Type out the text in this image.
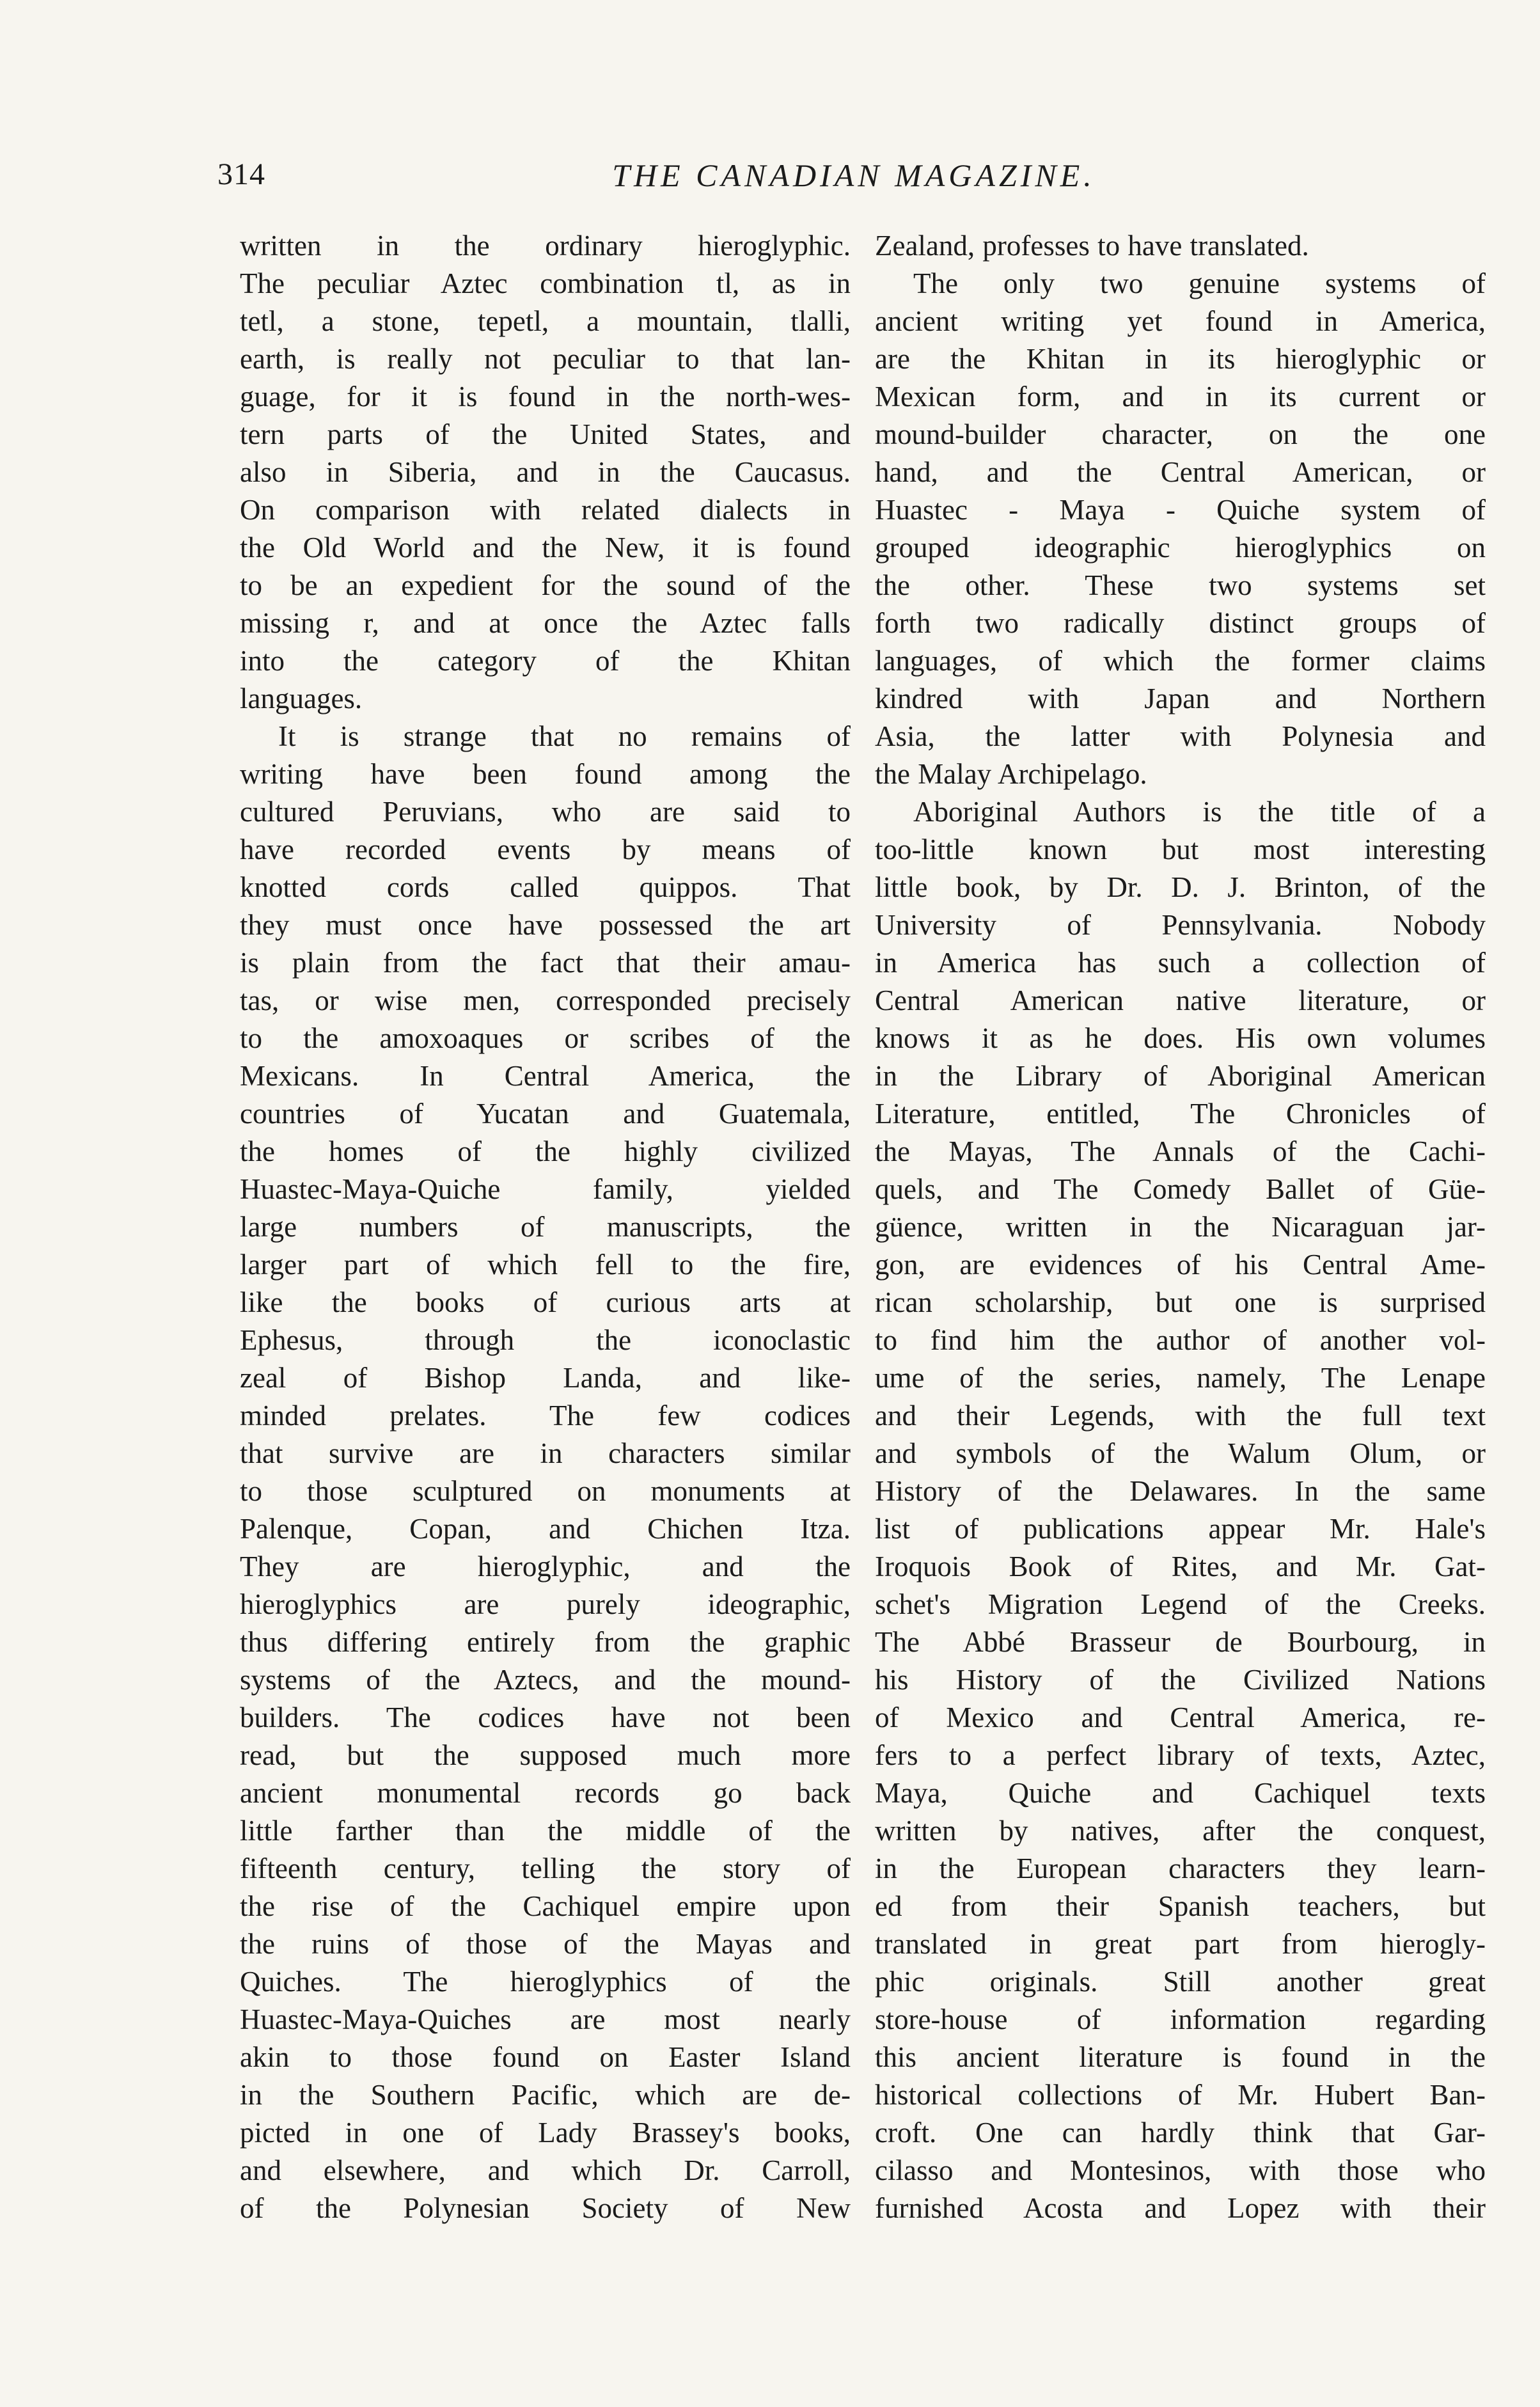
314	THE CANADIAN MAGAZINE.
written in the ordinary hieroglyphic.
The peculiar Aztec combination tl, as in
tetl, a stone, tepetl, a mountain, tlalli,
earth, is really not peculiar to that lan-
guage, for it is found in the north-wes-
tern parts of the United States, and
also in Siberia, and in the Caucasus.
On comparison with related dialects in
the Old World and the New, it is found
to be an expedient for the sound of the
missing r, and at once the Aztec falls
into the category of the Khitan
languages.
It is strange that no remains of
writing have been found among the
cultured Peruvians, who are said to
have recorded events by means of
knotted cords called quippos. That
they must once have possessed the art
is plain from the fact that their amau-
tas, or wise men, corresponded precisely
to the amoxoaques or scribes of the
Mexicans. In Central America, the
countries of Yucatan and Guatemala,
the homes of the highly civilized
Huastec-Maya-Quiche family, yielded
large numbers of manuscripts, the
larger part of which fell to the fire,
like the books of curious arts at
Ephesus, through the iconoclastic
zeal of Bishop Landa, and like-
minded prelates. The few codices
that survive are in characters similar
to those sculptured on monuments at
Palenque, Copan, and Chichen Itza.
They are hieroglyphic, and the
hieroglyphics are purely ideographic,
thus differing entirely from the graphic
systems of the Aztecs, and the mound-
builders. The codices have not been
read, but the supposed much more
ancient monumental records go back
little farther than the middle of the
fifteenth century, telling the story of
the rise of the Cachiquel empire upon
the ruins of those of the Mayas and
Quiches. The hieroglyphics of the
Huastec-Maya-Quiches are most nearly
akin to those found on Easter Island
in the Southern Pacific, which are de-
picted in one of Lady Brassey's books,
and elsewhere, and which Dr. Carroll,
of the Polynesian Society of New
Zealand, professes to have translated.
The only two genuine systems of
ancient writing yet found in America,
are the Khitan in its hieroglyphic or
Mexican form, and in its current or
mound-builder character, on the one
hand, and the Central American, or
Huastec - Maya - Quiche system of
grouped ideographic hieroglyphics on
the other. These two systems set
forth two radically distinct groups of
languages, of which the former claims
kindred with Japan and Northern
Asia, the latter with Polynesia and
the Malay Archipelago.
Aboriginal Authors is the title of a
too-little known but most interesting
little book, by Dr. D. J. Brinton, of the
University of Pennsylvania. Nobody
in America has such a collection of
Central American native literature, or
knows it as he does. His own volumes
in the Library of Aboriginal American
Literature, entitled, The Chronicles of
the Mayas, The Annals of the Cachi-
quels, and The Comedy Ballet of Güe-
güence, written in the Nicaraguan jar-
gon, are evidences of his Central Ame-
rican scholarship, but one is surprised
to find him the author of another vol-
ume of the series, namely, The Lenape
and their Legends, with the full text
and symbols of the Walum Olum, or
History of the Delawares. In the same
list of publications appear Mr. Hale's
Iroquois Book of Rites, and Mr. Gat-
schet's Migration Legend of the Creeks.
The Abbé Brasseur de Bourbourg, in
his History of the Civilized Nations
of Mexico and Central America, re-
fers to a perfect library of texts, Aztec,
Maya, Quiche and Cachiquel texts
written by natives, after the conquest,
in the European characters they learn-
ed from their Spanish teachers, but
translated in great part from hierogly-
phic originals. Still another great
store-house of information regarding
this ancient literature is found in the
historical collections of Mr. Hubert Ban-
croft. One can hardly think that Gar-
cilasso and Montesinos, with those who
furnished Acosta and Lopez with their
